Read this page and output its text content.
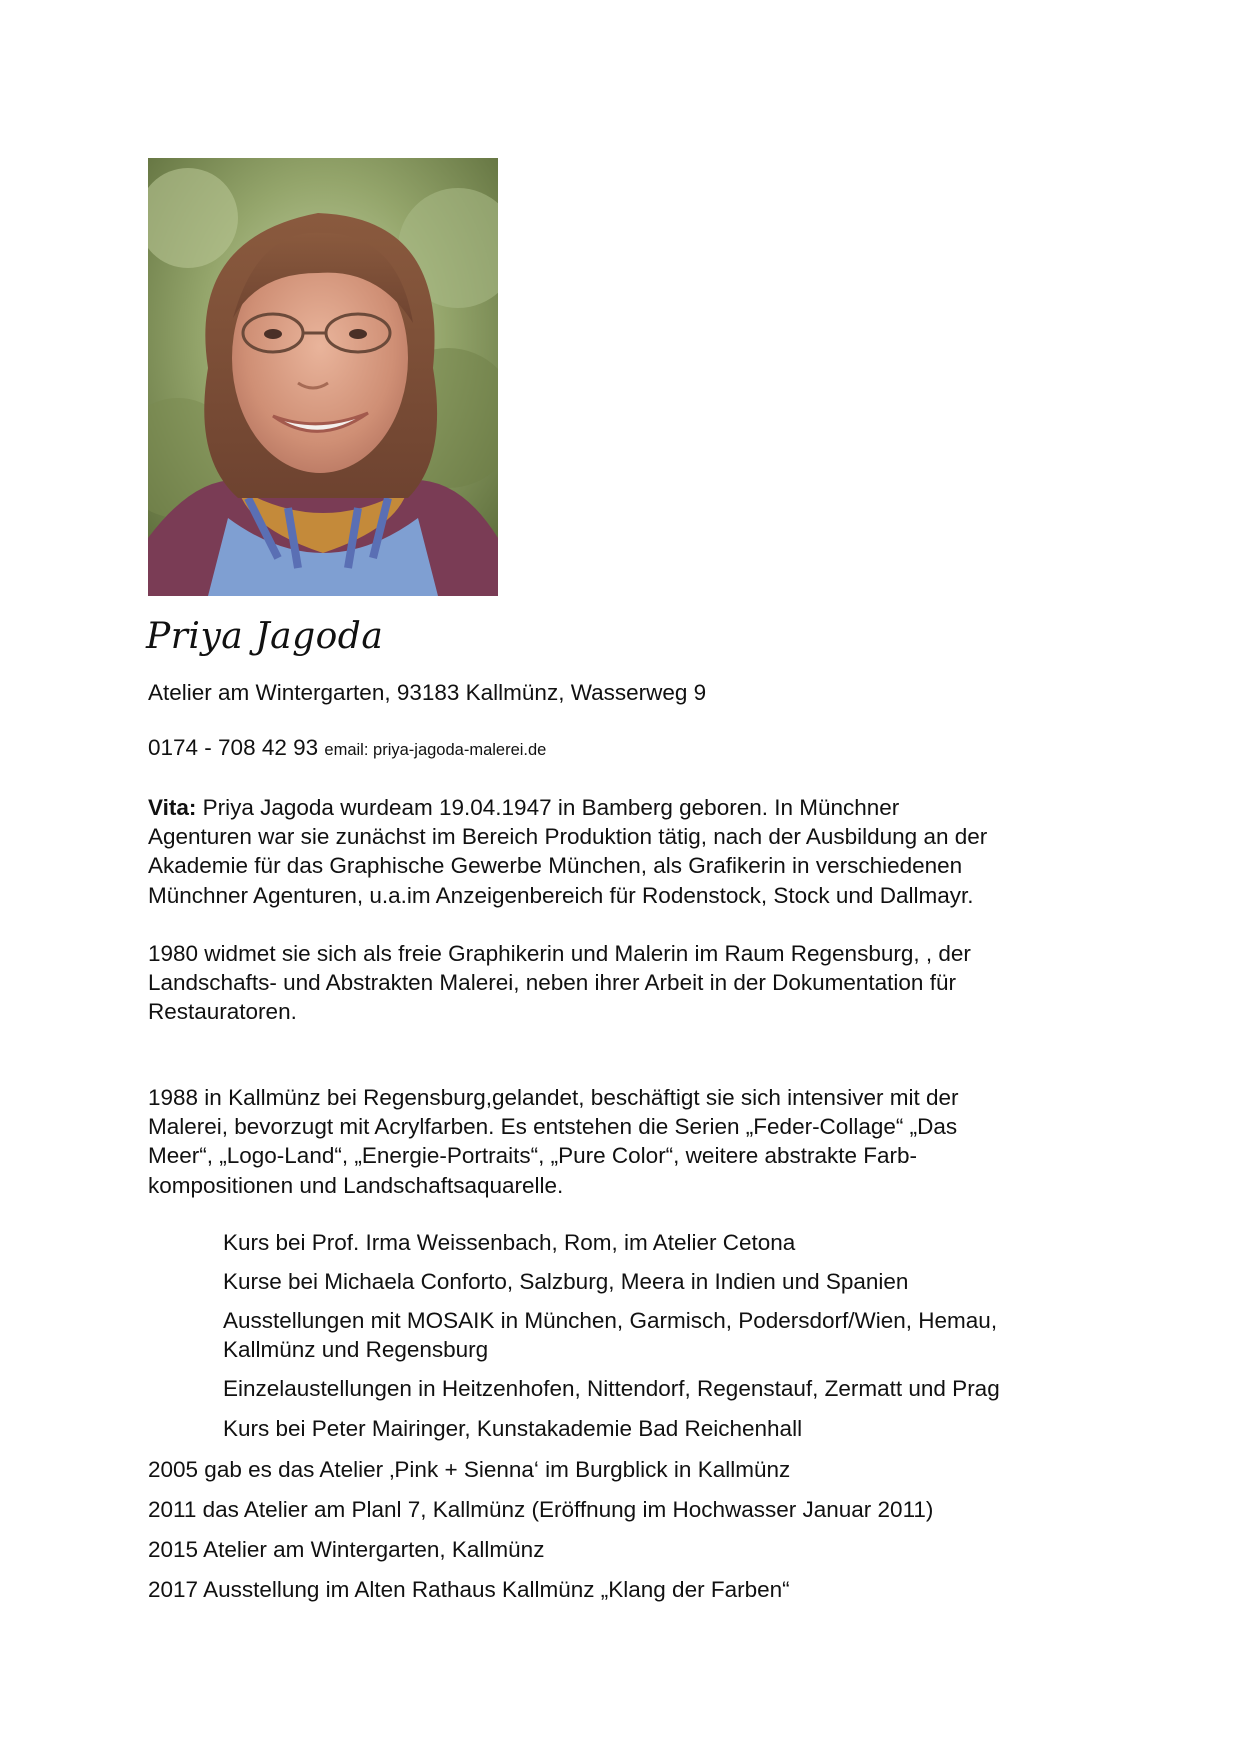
Priya Jagoda
Atelier am Wintergarten, 93183 Kallmünz, Wasserweg 9
0174 - 708 42 93 email: priya-jagoda-malerei.de
Vita: Priya Jagoda wurdeam 19.04.1947 in Bamberg geboren. In Münchner
Agenturen war sie zunächst im Bereich Produktion tätig, nach der Ausbildung an der
Akademie für das Graphische Gewerbe München, als Grafikerin in verschiedenen
Münchner Agenturen, u.a.im Anzeigenbereich für Rodenstock, Stock und Dallmayr.
1980 widmet sie sich als freie Graphikerin und Malerin im Raum Regensburg, , der
Landschafts- und Abstrakten Malerei, neben ihrer Arbeit in der Dokumentation für
Restauratoren.
1988 in Kallmünz bei Regensburg,gelandet, beschäftigt sie sich intensiver mit der
Malerei, bevorzugt mit Acrylfarben. Es entstehen die Serien „Feder-Collage“ „Das
Meer“, „Logo-Land“, „Energie-Portraits“, „Pure Color“, weitere abstrakte Farb-
kompositionen und Landschaftsaquarelle.
Kurs bei Prof. Irma Weissenbach, Rom, im Atelier Cetona
Kurse bei Michaela Conforto, Salzburg, Meera in Indien und Spanien
Ausstellungen mit MOSAIK in München, Garmisch, Podersdorf/Wien, Hemau,
Kallmünz und Regensburg
Einzelaustellungen in Heitzenhofen, Nittendorf, Regenstauf, Zermatt und Prag
Kurs bei Peter Mairinger, Kunstakademie Bad Reichenhall
2005 gab es das Atelier ‚Pink + Sienna‘ im Burgblick in Kallmünz
2011 das Atelier am Planl 7, Kallmünz (Eröffnung im Hochwasser Januar 2011)
2015 Atelier am Wintergarten, Kallmünz
2017 Ausstellung im Alten Rathaus Kallmünz „Klang der Farben“
